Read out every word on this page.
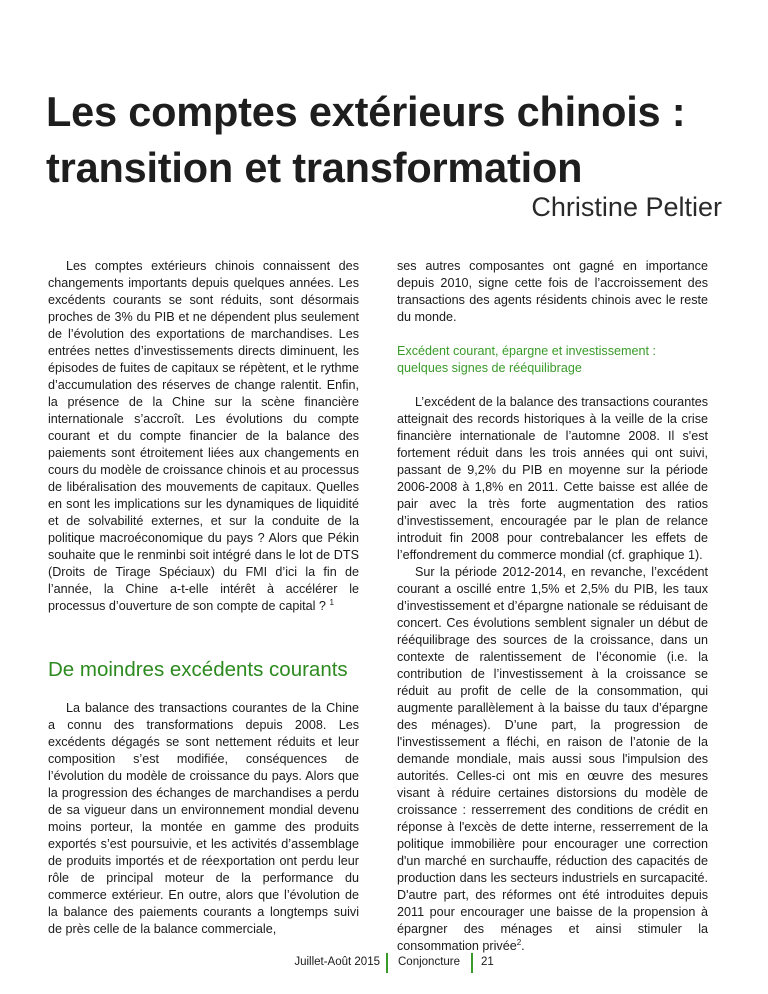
Les comptes extérieurs chinois :
transition et transformation
Christine Peltier

Les comptes extérieurs chinois connaissent des changements importants depuis quelques années. Les excédents courants se sont réduits, sont désormais proches de 3% du PIB et ne dépendent plus seulement de l’évolution des exportations de marchandises. Les entrées nettes d’investissements directs diminuent, les épisodes de fuites de capitaux se répètent, et le rythme d’accumulation des réserves de change ralentit. Enfin, la présence de la Chine sur la scène financière internationale s’accroît. Les évolutions du compte courant et du compte financier de la balance des paiements sont étroitement liées aux changements en cours du modèle de croissance chinois et au processus de libéralisation des mouvements de capitaux. Quelles en sont les implications sur les dynamiques de liquidité et de solvabilité externes, et sur la conduite de la politique macroéconomique du pays ? Alors que Pékin souhaite que le renminbi soit intégré dans le lot de DTS (Droits de Tirage Spéciaux) du FMI d’ici la fin de l’année, la Chine a-t-elle intérêt à accélérer le processus d’ouverture de son compte de capital ? $^1$

De moindres excédents courants

La balance des transactions courantes de la Chine a connu des transformations depuis 2008. Les excédents dégagés se sont nettement réduits et leur composition s’est modifiée, conséquences de l’évolution du modèle de croissance du pays. Alors que la progression des échanges de marchandises a perdu de sa vigueur dans un environnement mondial devenu moins porteur, la montée en gamme des produits exportés s’est poursuivie, et les activités d’assemblage de produits importés et de réexportation ont perdu leur rôle de principal moteur de la performance du commerce extérieur. En outre, alors que l’évolution de la balance des paiements courants a longtemps suivi de près celle de la balance commerciale,

ses autres composantes ont gagné en importance depuis 2010, signe cette fois de l’accroissement des transactions des agents résidents chinois avec le reste du monde.

Excédent courant, épargne et investissement : quelques signes de rééquilibrage

L’excédent de la balance des transactions courantes atteignait des records historiques à la veille de la crise financière internationale de l’automne 2008. Il s'est fortement réduit dans les trois années qui ont suivi, passant de 9,2% du PIB en moyenne sur la période 2006-2008 à 1,8% en 2011. Cette baisse est allée de pair avec la très forte augmentation des ratios d’investissement, encouragée par le plan de relance introduit fin 2008 pour contrebalancer les effets de l’effondrement du commerce mondial (cf. graphique 1).

Sur la période 2012-2014, en revanche, l’excédent courant a oscillé entre 1,5% et 2,5% du PIB, les taux d’investissement et d’épargne nationale se réduisant de concert. Ces évolutions semblent signaler un début de rééquilibrage des sources de la croissance, dans un contexte de ralentissement de l’économie (i.e. la contribution de l’investissement à la croissance se réduit au profit de celle de la consommation, qui augmente parallèlement à la baisse du taux d’épargne des ménages). D’une part, la progression de l'investissement a fléchi, en raison de l’atonie de la demande mondiale, mais aussi sous l'impulsion des autorités. Celles-ci ont mis en œuvre des mesures visant à réduire certaines distorsions du modèle de croissance : resserrement des conditions de crédit en réponse à l'excès de dette interne, resserrement de la politique immobilière pour encourager une correction d'un marché en surchauffe, réduction des capacités de production dans les secteurs industriels en surcapacité. D'autre part, des réformes ont été introduites depuis 2011 pour encourager une baisse de la propension à épargner des ménages et ainsi stimuler la consommation privée$^2$.

Juillet-Août 2015 Conjoncture 21
